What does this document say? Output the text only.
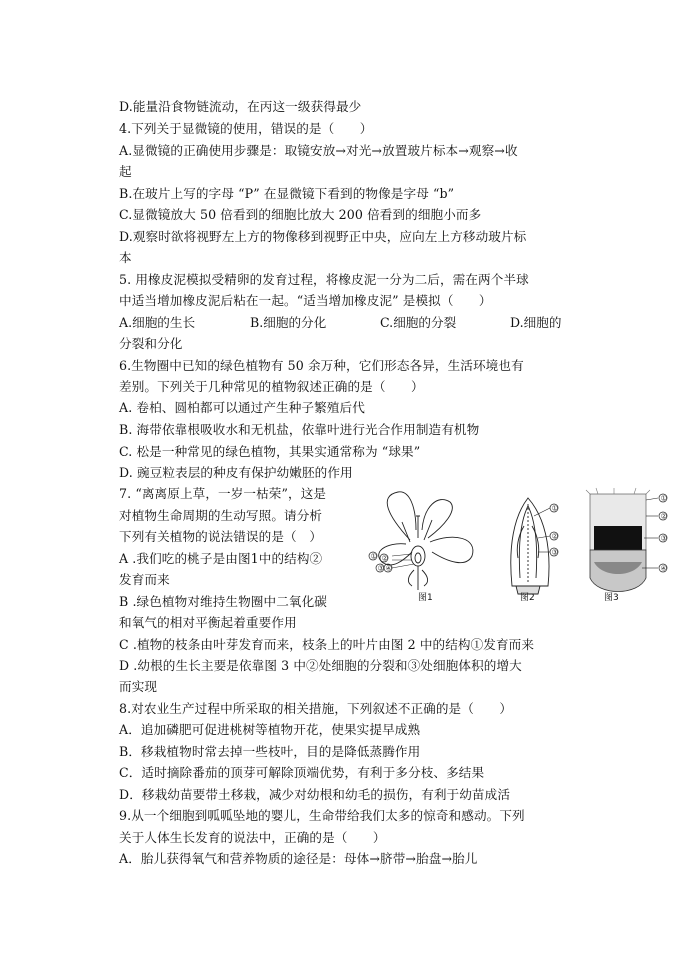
D.能量沿食物链流动，在丙这一级获得最少
4.下列关于显微镜的使用，错误的是（　　）
A.显微镜的正确使用步骤是：取镜安放→对光→放置玻片标本→观察→收
起
B.在玻片上写的字母 “P” 在显微镜下看到的物像是字母 “b”
C.显微镜放大 50 倍看到的细胞比放大 200 倍看到的细胞小而多
D.观察时欲将视野左上方的物像移到视野正中央，应向左上方移动玻片标
本
5. 用橡皮泥模拟受精卵的发育过程，将橡皮泥一分为二后，需在两个半球
中适当增加橡皮泥后粘在一起。“适当增加橡皮泥” 是模拟（　　）
A.细胞的生长	B.细胞的分化	C.细胞的分裂	D.细胞的
分裂和分化
6.生物圈中已知的绿色植物有 50 余万种，它们形态各异，生活环境也有
差别。下列关于几种常见的植物叙述正确的是（　　）
A. 卷柏、圆柏都可以通过产生种子繁殖后代
B. 海带依靠根吸收水和无机盐，依靠叶进行光合作用制造有机物
C. 松是一种常见的绿色植物，其果实通常称为 “球果”
D. 豌豆粒表层的种皮有保护幼嫩胚的作用
7. “离离原上草，一岁一枯荣”，这是
对植物生命周期的生动写照。请分析
下列有关植物的说法错误的是（　）
A .我们吃的桃子是由图1中的结构②
发育而来
B .绿色植物对维持生物圈中二氧化碳
和氧气的相对平衡起着重要作用
C .植物的枝条由叶芽发育而来，枝条上的叶片由图 2 中的结构①发育而来
D .幼根的生长主要是依靠图 3 中②处细胞的分裂和③处细胞体积的增大
而实现
8.对农业生产过程中所采取的相关措施，下列叙述不正确的是（　　）
A．追加磷肥可促进桃树等植物开花，使果实提早成熟
B．移栽植物时常去掉一些枝叶，目的是降低蒸腾作用
C．适时摘除番茄的顶芽可解除顶端优势，有利于多分枝、多结果
D．移栽幼苗要带土移栽，减少对幼根和幼毛的损伤，有利于幼苗成活
9.从一个细胞到呱呱坠地的婴儿，生命带给我们太多的惊奇和感动。下列
关于人体生长发育的说法中，正确的是（　　）
A．胎儿获得氧气和营养物质的途径是：母体→脐带→胎盘→胎儿
① ②
③ ④
①
②
③
①
②
③
④
图1	图2	图3
